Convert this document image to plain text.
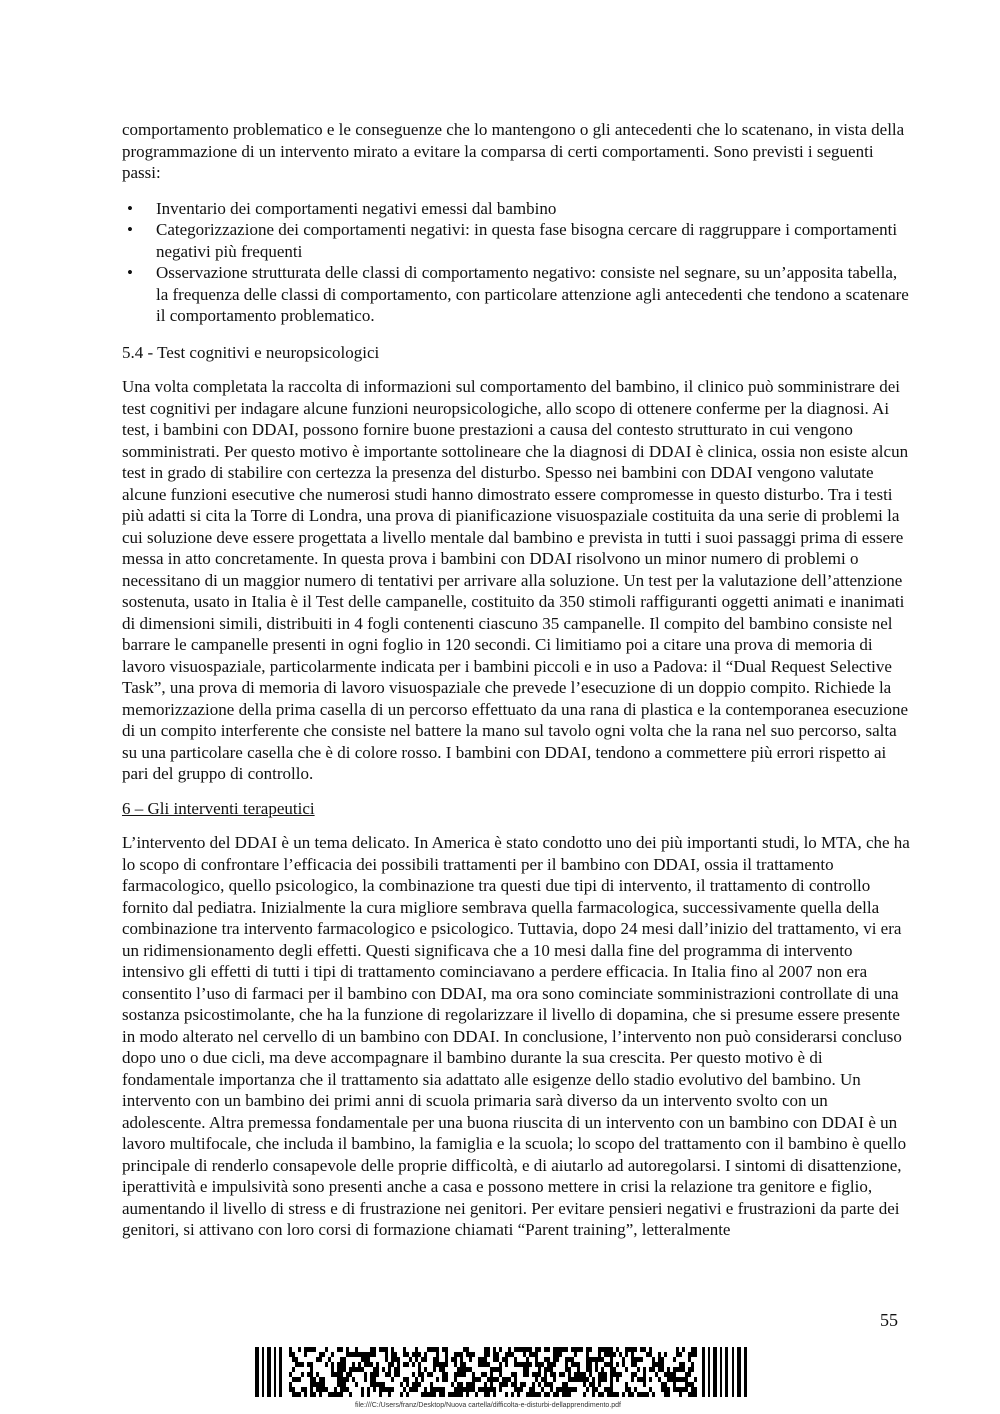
comportamento problematico e le conseguenze che lo mantengono o gli antecedenti che lo scatenano, in vista della programmazione di un intervento mirato a evitare la comparsa di certi comportamenti. Sono previsti i seguenti passi:

• Inventario dei comportamenti negativi emessi dal bambino
• Categorizzazione dei comportamenti negativi: in questa fase bisogna cercare di raggruppare i comportamenti negativi più frequenti
• Osservazione strutturata delle classi di comportamento negativo: consiste nel segnare, su un’apposita tabella, la frequenza delle classi di comportamento, con particolare attenzione agli antecedenti che tendono a scatenare il comportamento problematico.

5.4 - Test cognitivi e neuropsicologici

Una volta completata la raccolta di informazioni sul comportamento del bambino, il clinico può somministrare dei test cognitivi per indagare alcune funzioni neuropsicologiche, allo scopo di ottenere conferme per la diagnosi. Ai test, i bambini con DDAI, possono fornire buone prestazioni a causa del contesto strutturato in cui vengono somministrati. Per questo motivo è importante sottolineare che la diagnosi di DDAI è clinica, ossia non esiste alcun test in grado di stabilire con certezza la presenza del disturbo. Spesso nei bambini con DDAI vengono valutate alcune funzioni esecutive che numerosi studi hanno dimostrato essere compromesse in questo disturbo. Tra i testi più adatti si cita la Torre di Londra, una prova di pianificazione visuospaziale costituita da una serie di problemi la cui soluzione deve essere progettata a livello mentale dal bambino e prevista in tutti i suoi passaggi prima di essere messa in atto concretamente. In questa prova i bambini con DDAI risolvono un minor numero di problemi o necessitano di un maggior numero di tentativi per arrivare alla soluzione. Un test per la valutazione dell’attenzione sostenuta, usato in Italia è il Test delle campanelle, costituito da 350 stimoli raffiguranti oggetti animati e inanimati di dimensioni simili, distribuiti in 4 fogli contenenti ciascuno 35 campanelle. Il compito del bambino consiste nel barrare le campanelle presenti in ogni foglio in 120 secondi. Ci limitiamo poi a citare una prova di memoria di lavoro visuospaziale, particolarmente indicata per i bambini piccoli e in uso a Padova: il “Dual Request Selective Task”, una prova di memoria di lavoro visuospaziale che prevede l’esecuzione di un doppio compito. Richiede la memorizzazione della prima casella di un percorso effettuato da una rana di plastica e la contemporanea esecuzione di un compito interferente che consiste nel battere la mano sul tavolo ogni volta che la rana nel suo percorso, salta su una particolare casella che è di colore rosso. I bambini con DDAI, tendono a commettere più errori rispetto ai pari del gruppo di controllo.

6 – Gli interventi terapeutici

L’intervento del DDAI è un tema delicato. In America è stato condotto uno dei più importanti studi, lo MTA, che ha lo scopo di confrontare l’efficacia dei possibili trattamenti per il bambino con DDAI, ossia il trattamento farmacologico, quello psicologico, la combinazione tra questi due tipi di intervento, il trattamento di controllo fornito dal pediatra. Inizialmente la cura migliore sembrava quella farmacologica, successivamente quella della combinazione tra intervento farmacologico e psicologico. Tuttavia, dopo 24 mesi dall’inizio del trattamento, vi era un ridimensionamento degli effetti. Questi significava che a 10 mesi dalla fine del programma di intervento intensivo gli effetti di tutti i tipi di trattamento cominciavano a perdere efficacia. In Italia fino al 2007 non era consentito l’uso di farmaci per il bambino con DDAI, ma ora sono cominciate somministrazioni controllate di una sostanza psicostimolante, che ha la funzione di regolarizzare il livello di dopamina, che si presume essere presente in modo alterato nel cervello di un bambino con DDAI. In conclusione, l’intervento non può considerarsi concluso dopo uno o due cicli, ma deve accompagnare il bambino durante la sua crescita. Per questo motivo è di fondamentale importanza che il trattamento sia adattato alle esigenze dello stadio evolutivo del bambino. Un intervento con un bambino dei primi anni di scuola primaria sarà diverso da un intervento svolto con un adolescente. Altra premessa fondamentale per una buona riuscita di un intervento con un bambino con DDAI è un lavoro multifocale, che includa il bambino, la famiglia e la scuola; lo scopo del trattamento con il bambino è quello principale di renderlo consapevole delle proprie difficoltà, e di aiutarlo ad autoregolarsi. I sintomi di disattenzione, iperattività e impulsività sono presenti anche a casa e possono mettere in crisi la relazione tra genitore e figlio, aumentando il livello di stress e di frustrazione nei genitori. Per evitare pensieri negativi e frustrazioni da parte dei genitori, si attivano con loro corsi di formazione chiamati “Parent training”, letteralmente

55
file:///C:/Users/franz/Desktop/Nuova cartella/difficolta-e-disturbi-dellapprendimento.pdf
